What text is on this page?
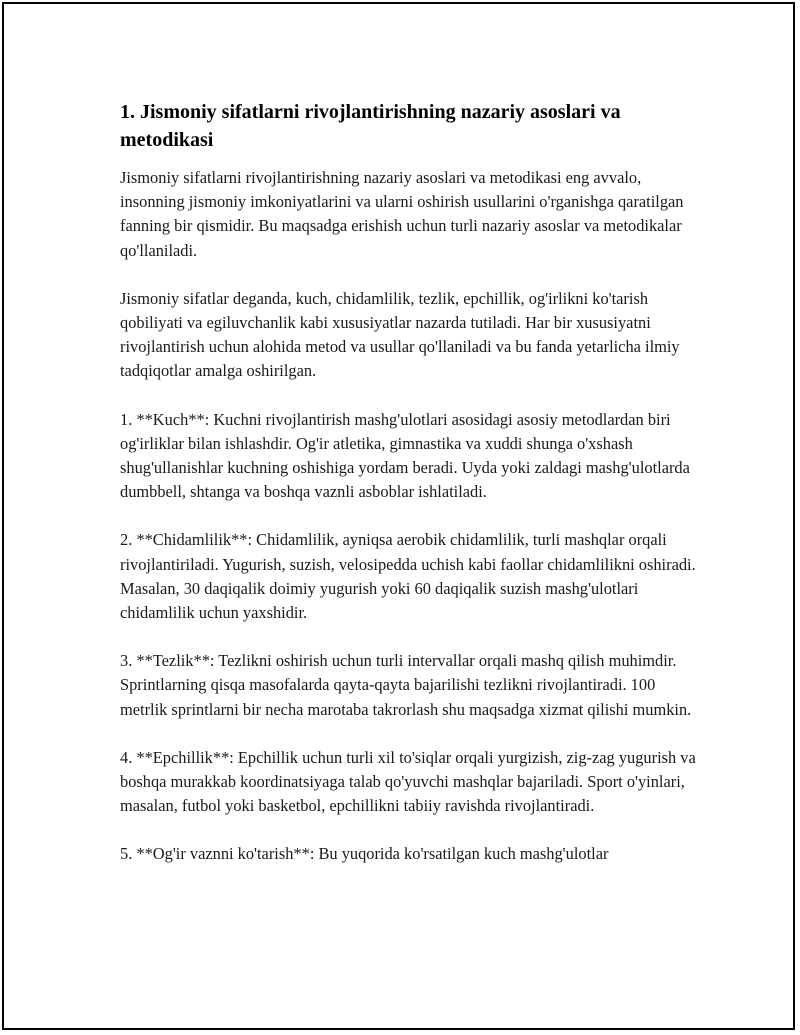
1. Jismoniy sifatlarni rivojlantirishning nazariy asoslari va metodikasi

Jismoniy sifatlarni rivojlantirishning nazariy asoslari va metodikasi eng avvalo, insonning jismoniy imkoniyatlarini va ularni oshirish usullarini o'rganishga qaratilgan fanning bir qismidir. Bu maqsadga erishish uchun turli nazariy asoslar va metodikalar qo'llaniladi.

Jismoniy sifatlar deganda, kuch, chidamlilik, tezlik, epchillik, og'irlikni ko'tarish qobiliyati va egiluvchanlik kabi xususiyatlar nazarda tutiladi. Har bir xususiyatni rivojlantirish uchun alohida metod va usullar qo'llaniladi va bu fanda yetarlicha ilmiy tadqiqotlar amalga oshirilgan.

1. **Kuch**: Kuchni rivojlantirish mashg'ulotlari asosidagi asosiy metodlardan biri og'irliklar bilan ishlashdir. Og'ir atletika, gimnastika va xuddi shunga o'xshash shug'ullanishlar kuchning oshishiga yordam beradi. Uyda yoki zaldagi mashg'ulotlarda dumbbell, shtanga va boshqa vaznli asboblar ishlatiladi.

2. **Chidamlilik**: Chidamlilik, ayniqsa aerobik chidamlilik, turli mashqlar orqali rivojlantiriladi. Yugurish, suzish, velosipedda uchish kabi faollar chidamlilikni oshiradi. Masalan, 30 daqiqalik doimiy yugurish yoki 60 daqiqalik suzish mashg'ulotlari chidamlilik uchun yaxshidir.

3. **Tezlik**: Tezlikni oshirish uchun turli intervallar orqali mashq qilish muhimdir. Sprintlarning qisqa masofalarda qayta-qayta bajarilishi tezlikni rivojlantiradi. 100 metrlik sprintlarni bir necha marotaba takrorlash shu maqsadga xizmat qilishi mumkin.

4. **Epchillik**: Epchillik uchun turli xil to'siqlar orqali yurgizish, zig-zag yugurish va boshqa murakkab koordinatsiyaga talab qo'yuvchi mashqlar bajariladi. Sport o'yinlari, masalan, futbol yoki basketbol, epchillikni tabiiy ravishda rivojlantiradi.

5. **Og'ir vaznni ko'tarish**: Bu yuqorida ko'rsatilgan kuch mashg'ulotlar
